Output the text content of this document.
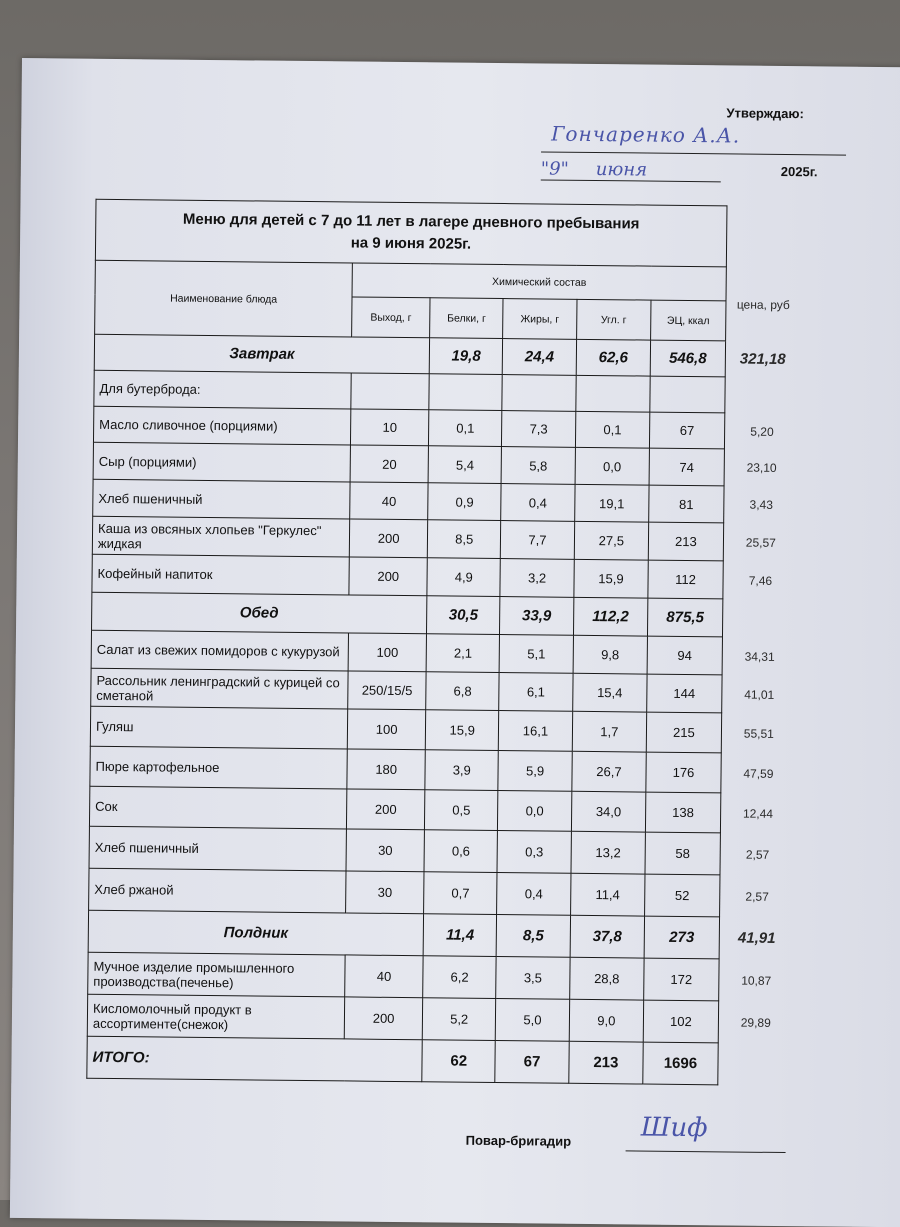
Утверждаю:
Гончаренко А.А.
"9" июня	2025г.
Меню для детей с 7 до 11 лет в лагере дневного пребывания
на 9 июня 2025г.						

Наименование блюда	Химический состав					цена, руб
	Выход, г	Белки, г	Жиры, г	Угл. г	ЭЦ, ккал	
Завтрак		19,8	24,4	62,6	546,8	321,18
Для бутерброда:						
Масло сливочное (порциями)	10	0,1	7,3	0,1	67	5,20
Сыр (порциями)	20	5,4	5,8	0,0	74	23,10
Хлеб пшеничный	40	0,9	0,4	19,1	81	3,43
Каша из овсяных хлопьев "Геркулес" жидкая	200	8,5	7,7	27,5	213	25,57
Кофейный напиток	200	4,9	3,2	15,9	112	7,46
Обед		30,5	33,9	112,2	875,5	
Салат из свежих помидоров с кукурузой	100	2,1	5,1	9,8	94	34,31
Рассольник ленинградский с курицей со сметаной	250/15/5	6,8	6,1	15,4	144	41,01
Гуляш	100	15,9	16,1	1,7	215	55,51
Пюре картофельное	180	3,9	5,9	26,7	176	47,59
Сок	200	0,5	0,0	34,0	138	12,44
Хлеб пшеничный	30	0,6	0,3	13,2	58	2,57
Хлеб ржаной	30	0,7	0,4	11,4	52	2,57
Полдник		11,4	8,5	37,8	273	41,91
Мучное изделие промышленного производства(печенье)	40	6,2	3,5	28,8	172	10,87
Кисломолочный продукт в ассортименте(снежок)	200	5,2	5,0	9,0	102	29,89
ИТОГО:		62	67	213	1696	
Повар-бригадир	Шиф
